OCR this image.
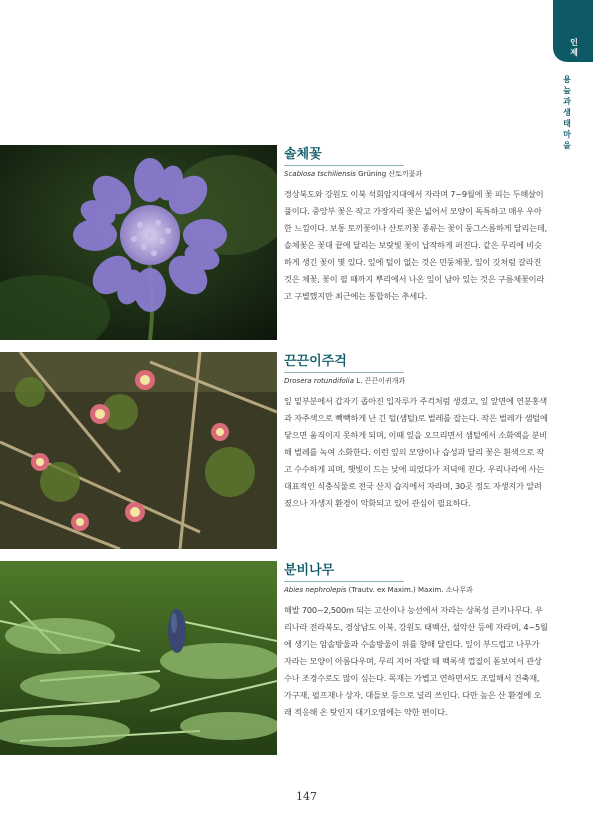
인제
용늪과 생태마을
솔체꽃
Scabiosa tschiliensis Grüning 산토끼꽃과

경상북도와 강원도 이북 석회암지대에서 자라며 7~9월에 꽃 피는 두해살이풀이다. 중앙부 꽃은 작고 가장자리 꽃은 넓어서 모양이 독특하고 매우 우아한 느낌이다. 보통 토끼꽃이나 산토끼꽃 종류는 꽃이 둥그스름하게 달리는데, 솔체꽃은 꽃대 끝에 달리는 보랏빛 꽃이 납작하게 퍼진다. 같은 무리에 비슷하게 생긴 꽃이 몇 있다. 잎에 털이 없는 것은 민둥체꽃, 잎이 깃처럼 갈라진 것은 체꽃, 꽃이 필 때까지 뿌리에서 나온 잎이 남아 있는 것은 구름체꽃이라고 구별했지만 최근에는 통합하는 추세다.

끈끈이주걱
Drosera rotundifolia L. 끈끈이귀개과

잎 밑부분에서 갑자기 좁아진 입자루가 주걱처럼 생겼고, 잎 앞면에 연분홍색과 자주색으로 빽빽하게 난 긴 털(샘털)로 벌레를 잡는다. 작은 벌레가 샘털에 닿으면 움직이지 못하게 되며, 이때 잎을 오므리면서 샘털에서 소화액을 분비해 벌레를 녹여 소화한다. 이런 잎의 모양이나 습성과 달리 꽃은 흰색으로 작고 수수하게 피며, 햇빛이 드는 낮에 피었다가 저녁에 진다. 우리나라에 사는 대표적인 식충식물로 전국 산지 습지에서 자라며, 30곳 정도 자생지가 알려졌으나 자생지 환경이 악화되고 있어 관심이 필요하다.

분비나무
Abies nephrolepis (Trautv. ex Maxim.) Maxim. 소나무과

해발 700~2,500m 되는 고산이나 능선에서 자라는 상록성 큰키나무다. 우리나라 전라북도, 경상남도 이북, 강원도 태백산, 설악산 등에 자라며, 4~5월에 생기는 암솔방울과 수솔방울이 위를 향해 달린다. 잎이 부드럽고 나무가 자라는 모양이 아름다우며, 무리 지어 자랄 때 백록색 껍질이 돋보여서 관상수나 조경수로도 많이 심는다. 목재는 가볍고 연하면서도 조밀해서 건축재, 가구재, 펄프재나 상자, 대들보 등으로 널리 쓰인다. 다만 높은 산 환경에 오래 적응해 온 탓인지 대기오염에는 약한 편이다.

147
